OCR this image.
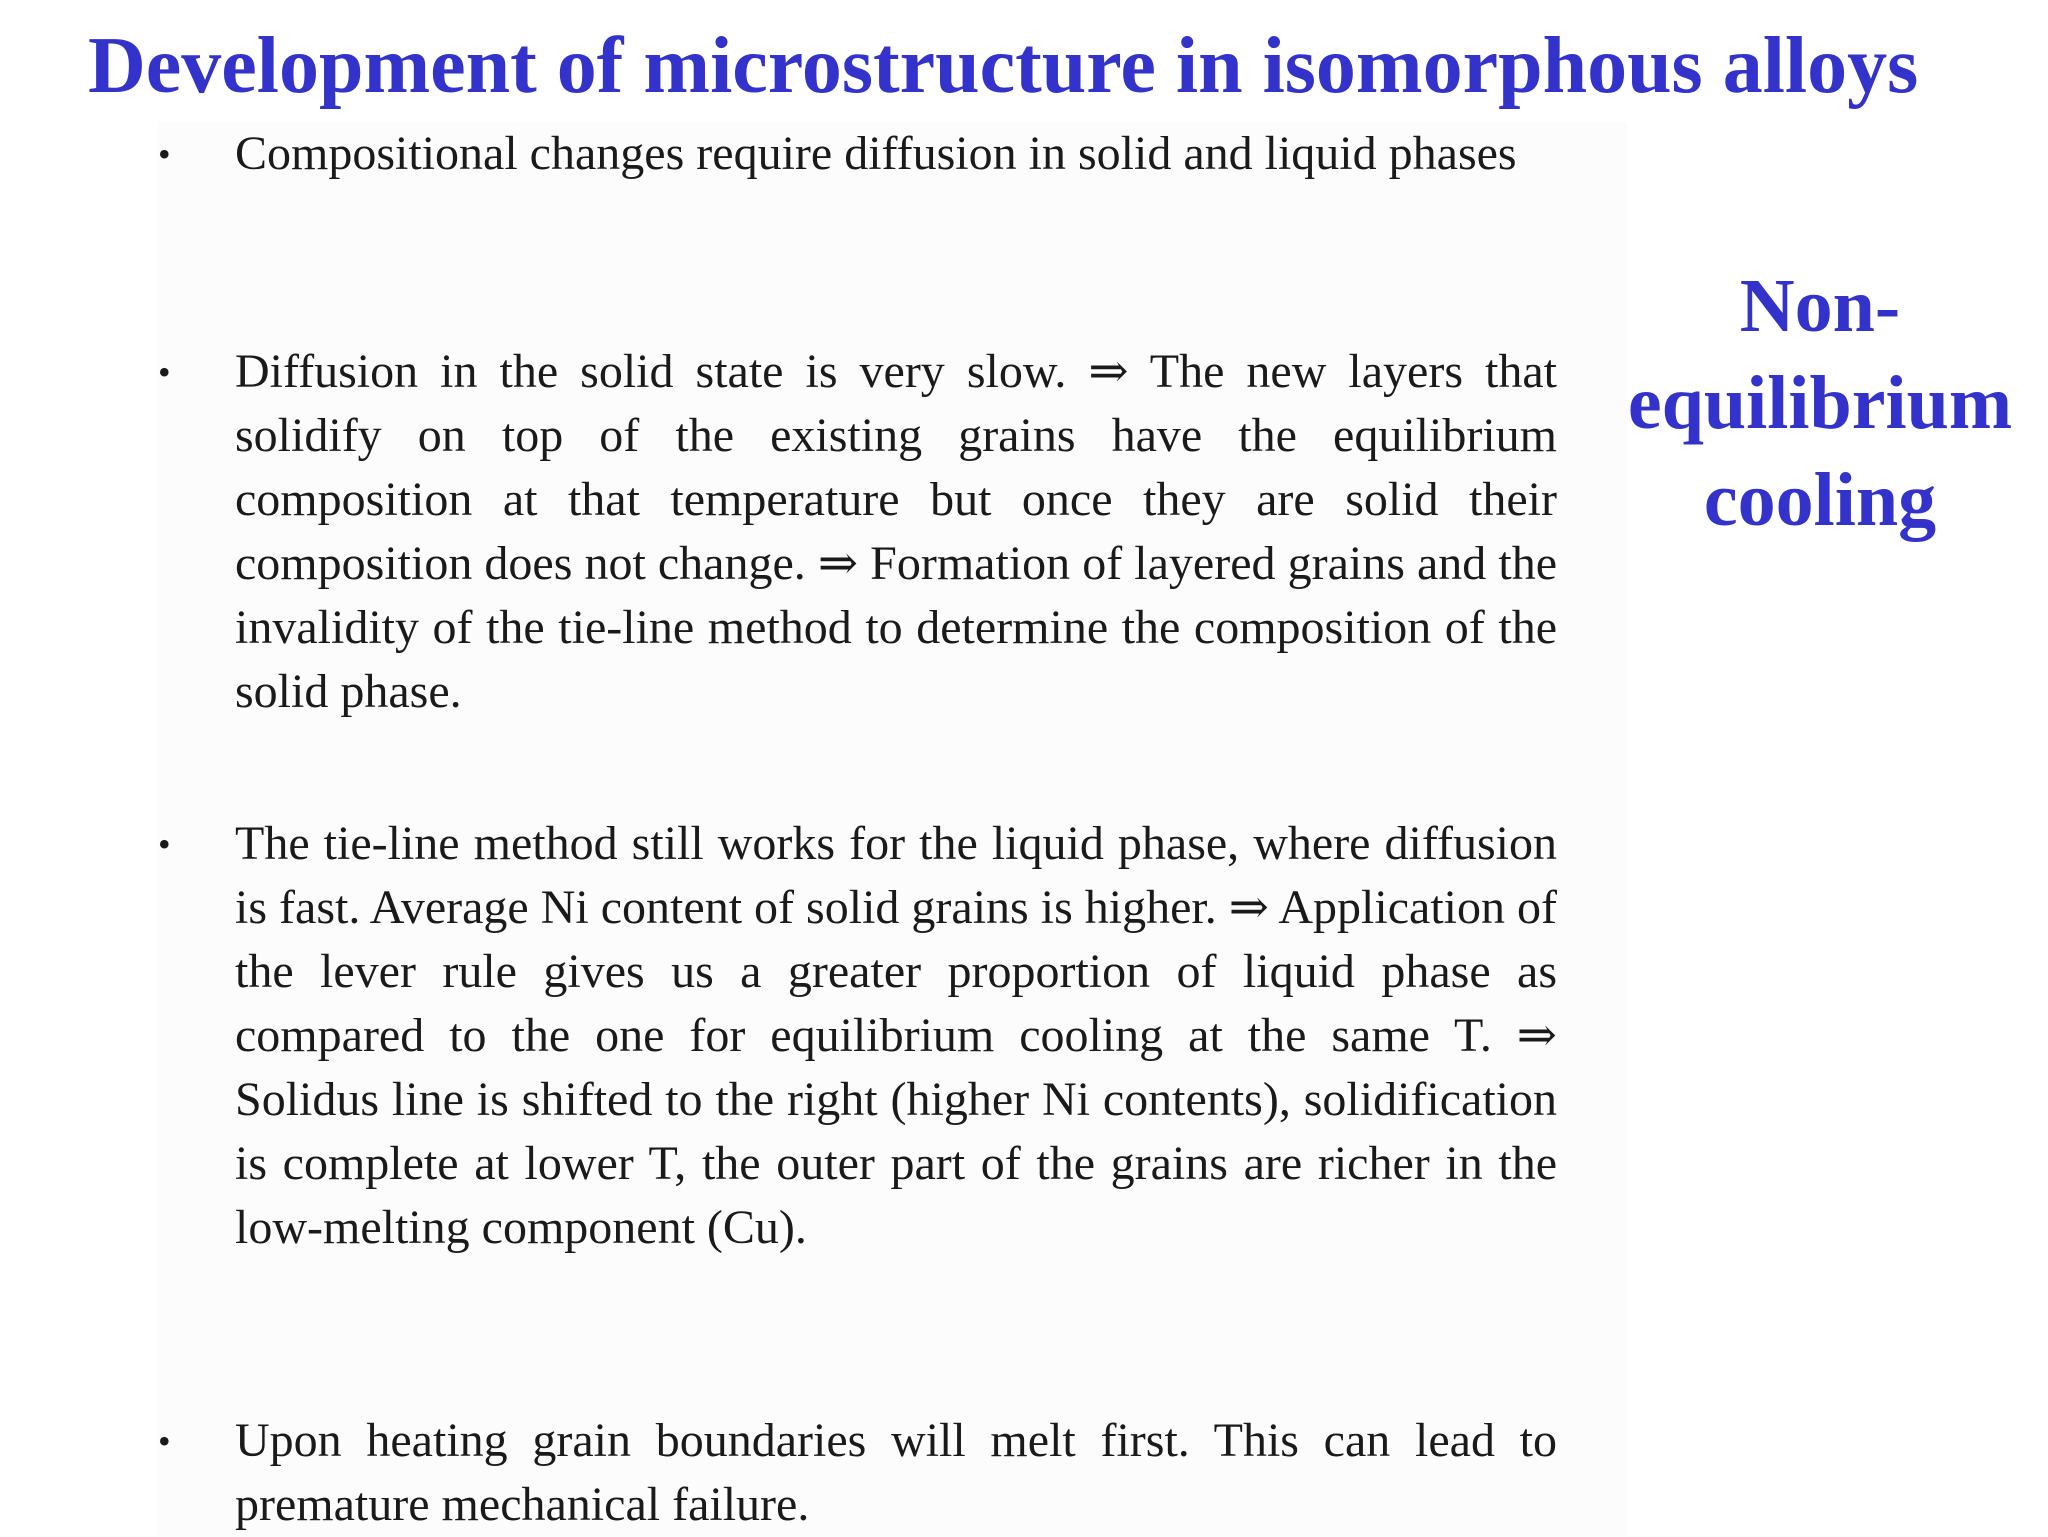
Development of microstructure in isomorphous alloys
•	Compositional changes require diffusion in solid and liquid phases
•	Diffusion in the solid state is very slow. ⇒ The new layers that solidify on top of the existing grains have the equilibrium composition at that temperature but once they are solid their composition does not change. ⇒ Formation of layered grains and the invalidity of the tie-line method to determine the composition of the solid phase.
•	The tie-line method still works for the liquid phase, where diffusion is fast. Average Ni content of solid grains is higher. ⇒ Application of the lever rule gives us a greater proportion of liquid phase as compared to the one for equilibrium cooling at the same T. ⇒ Solidus line is shifted to the right (higher Ni contents), solidification is complete at lower T, the outer part of the grains are richer in the low-melting component (Cu).
•	Upon heating grain boundaries will melt first. This can lead to premature mechanical failure.
Non-
equilibrium
cooling
